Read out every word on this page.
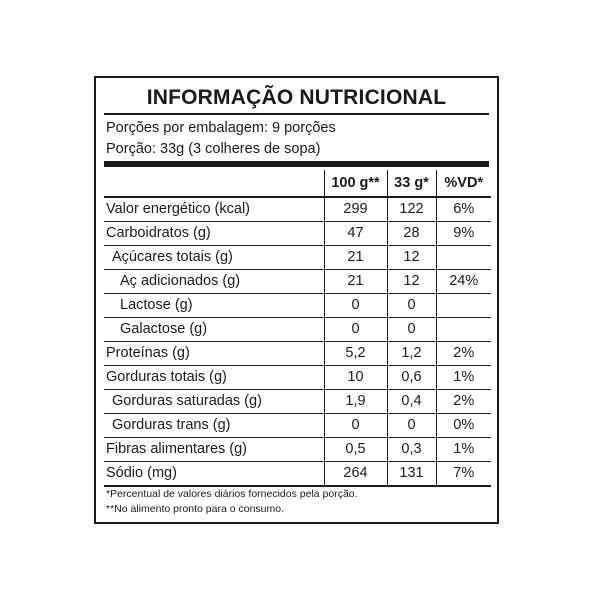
INFORMAÇÃO NUTRICIONAL
Porções por embalagem: 9 porções
Porção: 33g (3 colheres de sopa)
	100 g**	33 g*	%VD*
Valor energético (kcal)	299	122	6%
Carboidratos (g)	47	28	9%
Açúcares totais (g)	21	12	
Aç adicionados (g)	21	12	24%
Lactose (g)	0	0	
Galactose (g)	0	0	
Proteínas (g)	5,2	1,2	2%
Gorduras totais (g)	10	0,6	1%
Gorduras saturadas (g)	1,9	0,4	2%
Gorduras trans (g)	0	0	0%
Fibras alimentares (g)	0,5	0,3	1%
Sódio (mg)	264	131	7%
*Percentual de valores diários fornecidos pela porção.
**No alimento pronto para o consumo.
